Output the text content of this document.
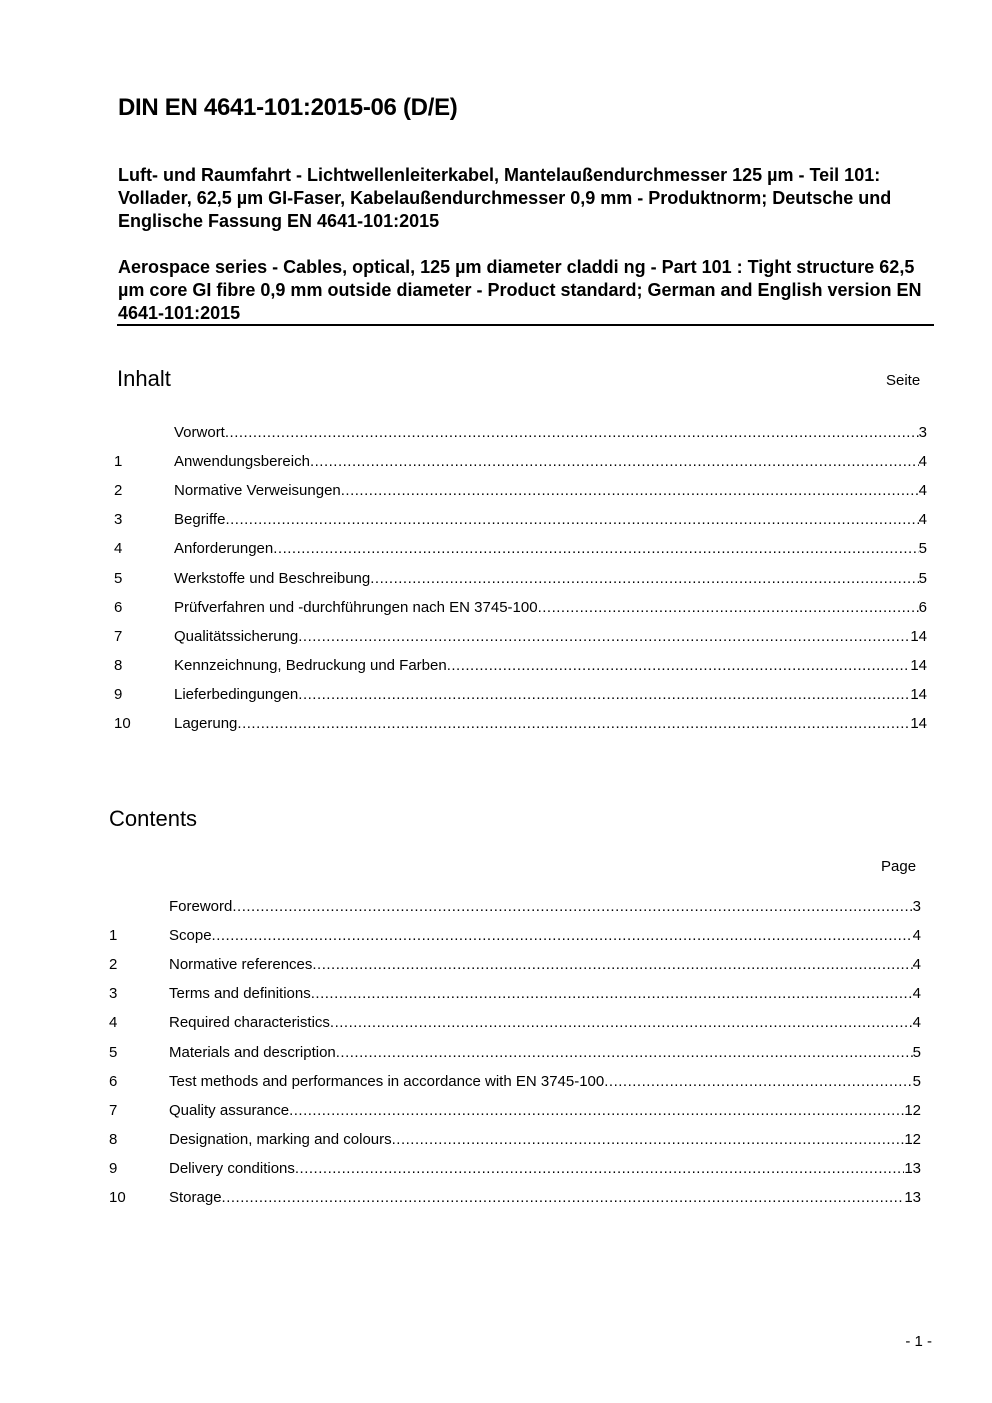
DIN EN 4641-101:2015-06 (D/E)

Luft- und Raumfahrt - Lichtwellenleiterkabel, Mantelaußendurchmesser 125 µm - Teil 101: Vollader, 62,5 µm GI-Faser, Kabelaußendurchmesser 0,9 mm - Produktnorm; Deutsche und Englische Fassung EN 4641-101:2015

Aerospace series - Cables, optical, 125 µm diameter claddi ng - Part 101 : Tight structure 62,5 µm core GI fibre 0,9 mm outside diameter - Product standard; German and English version EN 4641-101:2015

Inhalt	Seite
Vorwort .....	3
1	Anwendungsbereich .....	4
2	Normative Verweisungen .....	4
3	Begriffe .....	4
4	Anforderungen .....	5
5	Werkstoffe und Beschreibung .....	5
6	Prüfverfahren und -durchführungen nach EN 3745-100 .....	6
7	Qualitätssicherung .....	14
8	Kennzeichnung, Bedruckung und Farben .....	14
9	Lieferbedingungen .....	14
10	Lagerung .....	14
Contents
Page
Foreword .....	3
1	Scope .....	4
2	Normative references .....	4
3	Terms and definitions .....	4
4	Required characteristics .....	4
5	Materials and description .....	5
6	Test methods and performances in accordance with EN 3745-100 .....	5
7	Quality assurance .....	12
8	Designation, marking and colours .....	12
9	Delivery conditions .....	13
10	Storage .....	13
- 1 -
